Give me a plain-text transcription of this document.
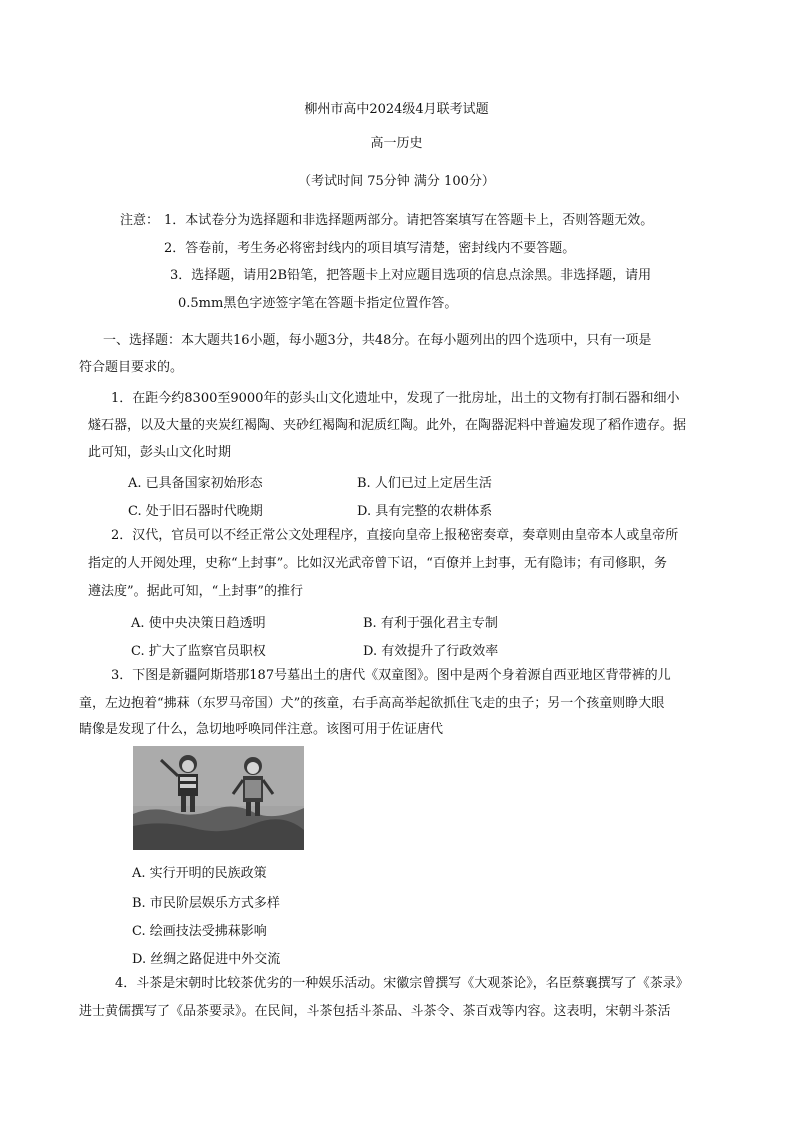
柳州市高中2024级4月联考试题
高一历史
（考试时间 75分钟 满分 100分）
注意： 1．本试卷分为选择题和非选择题两部分。请把答案填写在答题卡上，否则答题无效。
2．答卷前，考生务必将密封线内的项目填写清楚，密封线内不要答题。
3．选择题，请用2B铅笔，把答题卡上对应题目选项的信息点涂黑。非选择题，请用
0.5mm黑色字迹签字笔在答题卡指定位置作答。
一、选择题：本大题共16小题，每小题3分，共48分。在每小题列出的四个选项中，只有一项是
符合题目要求的。
1．在距今约8300至9000年的彭头山文化遗址中，发现了一批房址，出土的文物有打制石器和细小
燧石器，以及大量的夹炭红褐陶、夹砂红褐陶和泥质红陶。此外，在陶器泥料中普遍发现了稻作遗存。据
此可知，彭头山文化时期
A. 已具备国家初始形态	B. 人们已过上定居生活
C. 处于旧石器时代晚期	D. 具有完整的农耕体系
2．汉代，官员可以不经正常公文处理程序，直接向皇帝上报秘密奏章，奏章则由皇帝本人或皇帝所
指定的人开阅处理，史称“上封事”。比如汉光武帝曾下诏，“百僚并上封事，无有隐讳；有司修职，务
遵法度”。据此可知，“上封事”的推行
A. 使中央决策日趋透明	B. 有利于强化君主专制
C. 扩大了监察官员职权	D. 有效提升了行政效率
3．下图是新疆阿斯塔那187号墓出土的唐代《双童图》。图中是两个身着源自西亚地区背带裤的儿
童，左边抱着“拂菻（东罗马帝国）犬”的孩童，右手高高举起欲抓住飞走的虫子；另一个孩童则睁大眼
睛像是发现了什么，急切地呼唤同伴注意。该图可用于佐证唐代
A. 实行开明的民族政策
B. 市民阶层娱乐方式多样
C. 绘画技法受拂菻影响
D. 丝绸之路促进中外交流
4．斗茶是宋朝时比较茶优劣的一种娱乐活动。宋徽宗曾撰写《大观茶论》，名臣蔡襄撰写了《茶录》
进士黄儒撰写了《品茶要录》。在民间，斗茶包括斗茶品、斗茶令、茶百戏等内容。这表明，宋朝斗茶活
